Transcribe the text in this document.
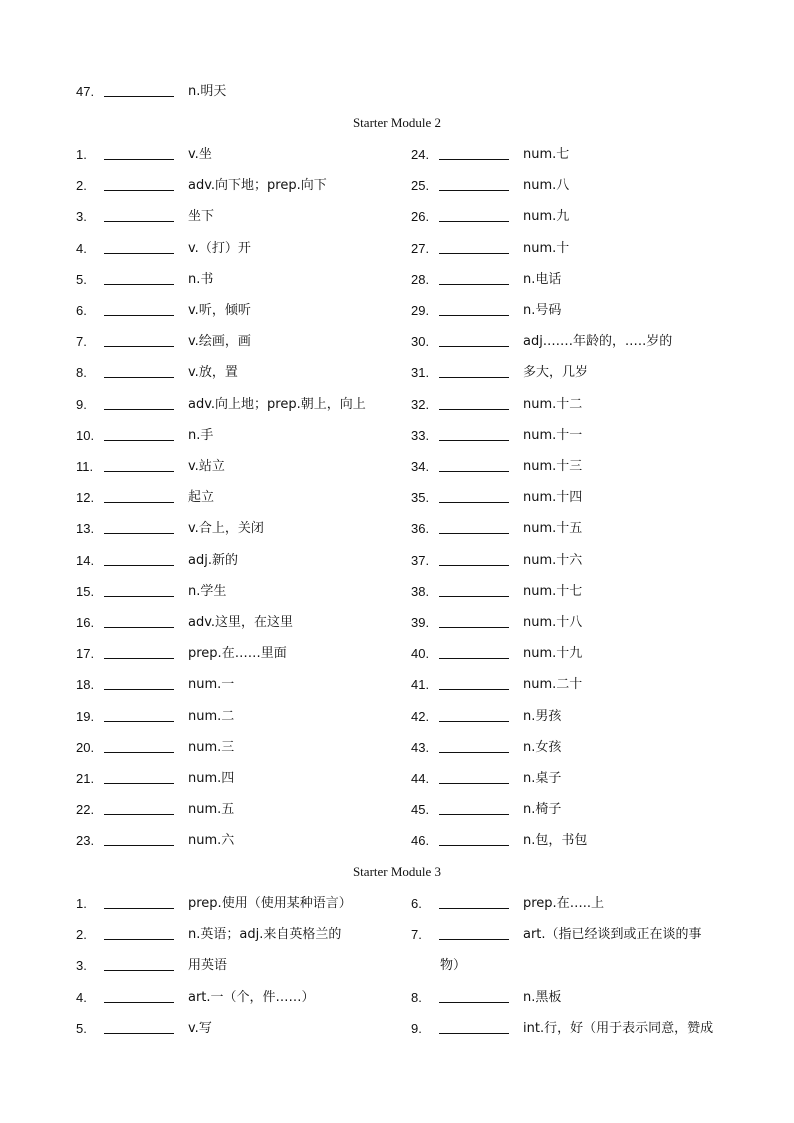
47.	n.明天
Starter Module 2
1.	v.坐
2.	adv.向下地；prep.向下
3.	坐下
4.	v.（打）开
5.	n.书
6.	v.听，倾听
7.	v.绘画，画
8.	v.放，置
9.	adv.向上地；prep.朝上，向上
10.	n.手
11.	v.站立
12.	起立
13.	v.合上，关闭
14.	adj.新的
15.	n.学生
16.	adv.这里，在这里
17.	prep.在……里面
18.	num.一
19.	num.二
20.	num.三
21.	num.四
22.	num.五
23.	num.六
24.	num.七
25.	num.八
26.	num.九
27.	num.十
28.	n.电话
29.	n.号码
30.	adj.……年龄的，.….岁的
31.	多大，几岁
32.	num.十二
33.	num.十一
34.	num.十三
35.	num.十四
36.	num.十五
37.	num.十六
38.	num.十七
39.	num.十八
40.	num.十九
41.	num.二十
42.	n.男孩
43.	n.女孩
44.	n.桌子
45.	n.椅子
46.	n.包，书包
Starter Module 3
1.	prep.使用（使用某种语言）
2.	n.英语；adj.来自英格兰的
3.	用英语
4.	art.一（个，件……）
5.	v.写
6.	prep.在…..上
7.	art.（指已经谈到或正在谈的事
物）
8.	n.黑板
9.	int.行，好（用于表示同意，赞成
